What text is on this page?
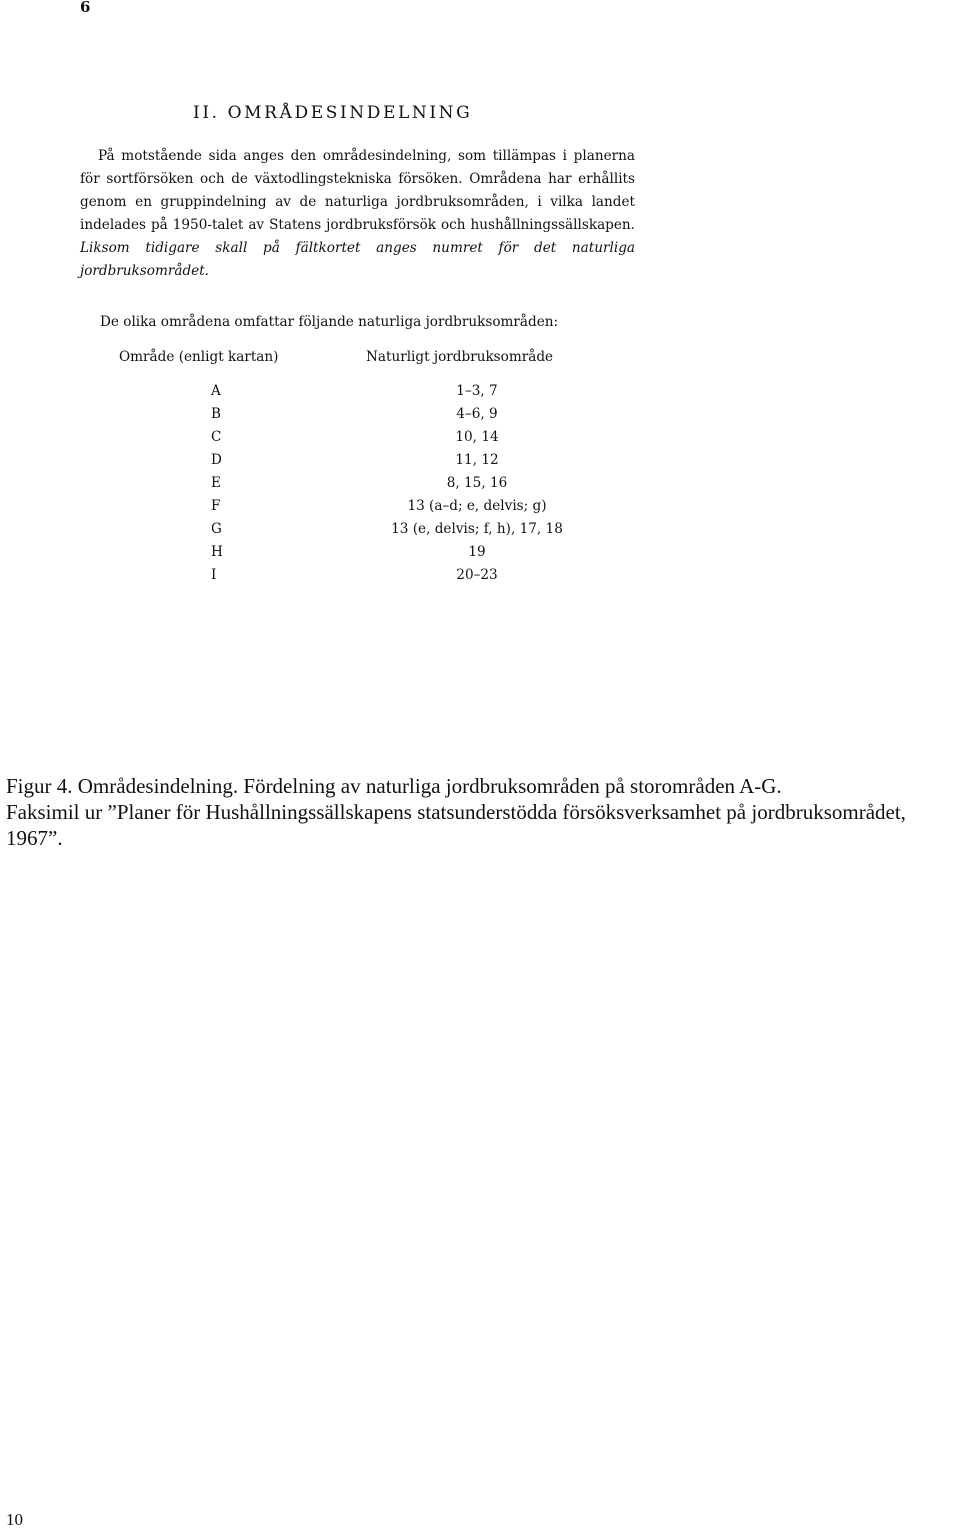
6
II. OMRÅDESINDELNING

På motstående sida anges den områdesindelning, som tillämpas i planerna för sortförsöken och de växtodlingstekniska försöken. Områdena har erhållits genom en gruppindelning av de naturliga jordbruksområden, i vilka landet indelades på 1950-talet av Statens jordbruksförsök och hushållningssällskapen. Liksom tidigare skall på fältkortet anges numret för det naturliga jordbruksområdet.

De olika områdena omfattar följande naturliga jordbruksområden:
Område (enligt kartan)	Naturligt jordbruksområde
A	1–3, 7
B	4–6, 9
C	10, 14
D	11, 12
E	8, 15, 16
F	13 (a–d; e, delvis; g)
G	13 (e, delvis; f, h), 17, 18
H	19
I	20–23

Figur 4. Områdesindelning. Fördelning av naturliga jordbruksområden på storområden A-G.

Faksimil ur ”Planer för Hushållningssällskapens statsunderstödda försöksverksamhet på jordbruksområdet, 1967”.

10
